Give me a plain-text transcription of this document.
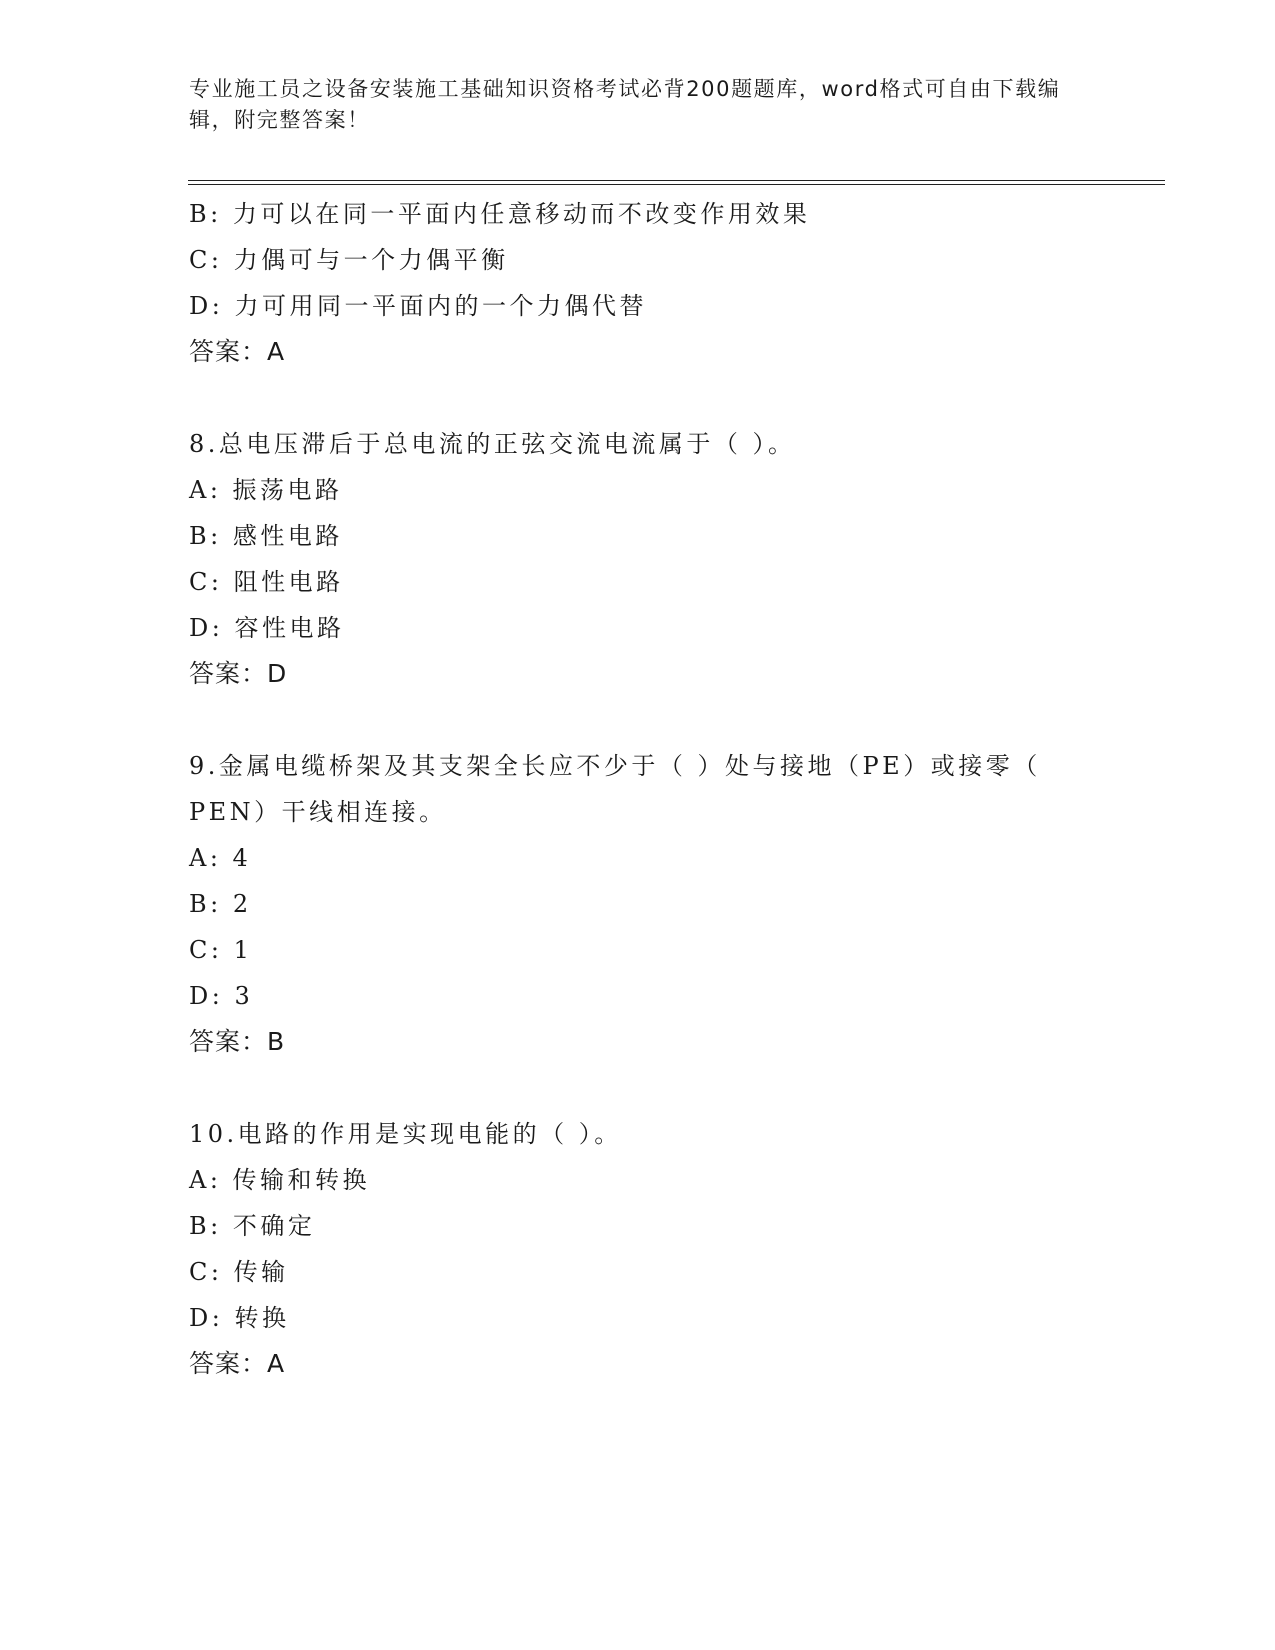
专业施工员之设备安装施工基础知识资格考试必背200题题库，word格式可自由下载编辑，附完整答案！
B: 力可以在同一平面内任意移动而不改变作用效果
C: 力偶可与一个力偶平衡
D: 力可用同一平面内的一个力偶代替
答案：A
8.总电压滞后于总电流的正弦交流电流属于（ ）。
A: 振荡电路
B: 感性电路
C: 阻性电路
D: 容性电路
答案：D
9.金属电缆桥架及其支架全长应不少于（ ）处与接地（PE）或接零（
PEN）干线相连接。
A: 4
B: 2
C: 1
D: 3
答案：B
10.电路的作用是实现电能的（ ）。
A: 传输和转换
B: 不确定
C: 传输
D: 转换
答案：A
